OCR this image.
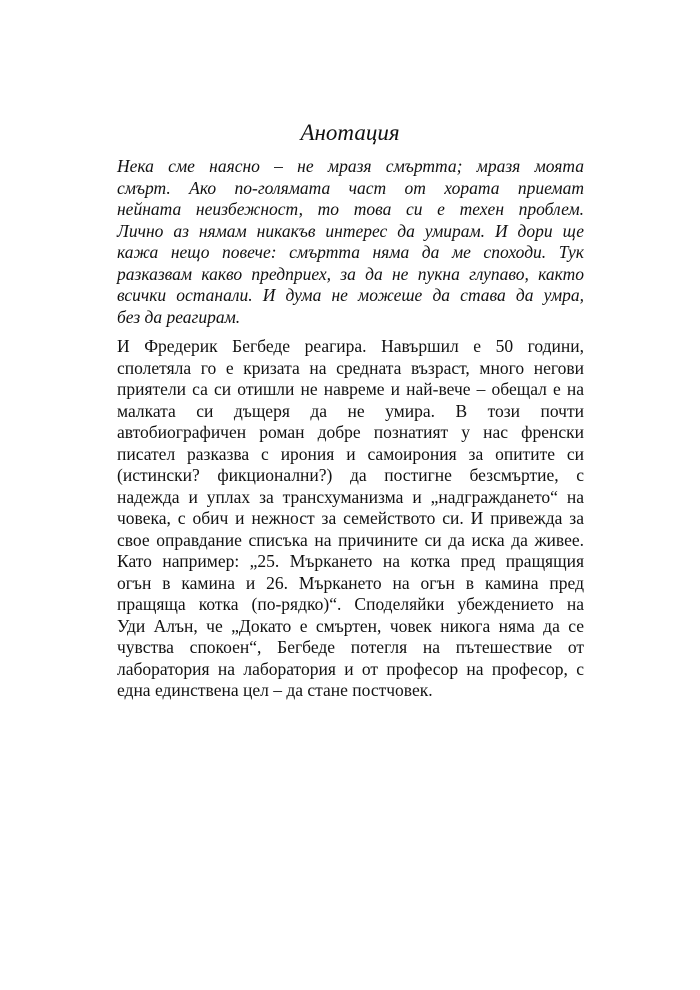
Анотация

Нека сме наясно – не мразя смъртта; мразя моята
смърт. Ако по-голямата част от хората приемат
нейната неизбежност, то това си е техен проблем.
Лично аз нямам никакъв интерес да умирам. И дори ще
кажа нещо повече: смъртта няма да ме споходи. Тук
разказвам какво предприех, за да не пукна глупаво, както
всички останали. И дума не можеше да става да умра,
без да реагирам.

И Фредерик Бегбеде реагира. Навършил е 50 години,
сполетяла го е кризата на средната възраст, много негови
приятели са си отишли не навреме и най-вече – обещал е на
малката си дъщеря да не умира. В този почти
автобиографичен роман добре познатият у нас френски
писател разказва с ирония и самоирония за опитите си
(истински? фикционални?) да постигне безсмъртие, с
надежда и уплах за трансхуманизма и „надграждането“ на
човека, с обич и нежност за семейството си. И привежда за
свое оправдание списъка на причините си да иска да живее.
Като например: „25. Мъркането на котка пред пращящия
огън в камина и 26. Мъркането на огън в камина пред
пращяща котка (по-рядко)“. Споделяйки убеждението на
Уди Алън, че „Докато е смъртен, човек никога няма да се
чувства спокоен“, Бегбеде потегля на пътешествие от
лаборатория на лаборатория и от професор на професор, с
една единствена цел – да стане постчовек.
